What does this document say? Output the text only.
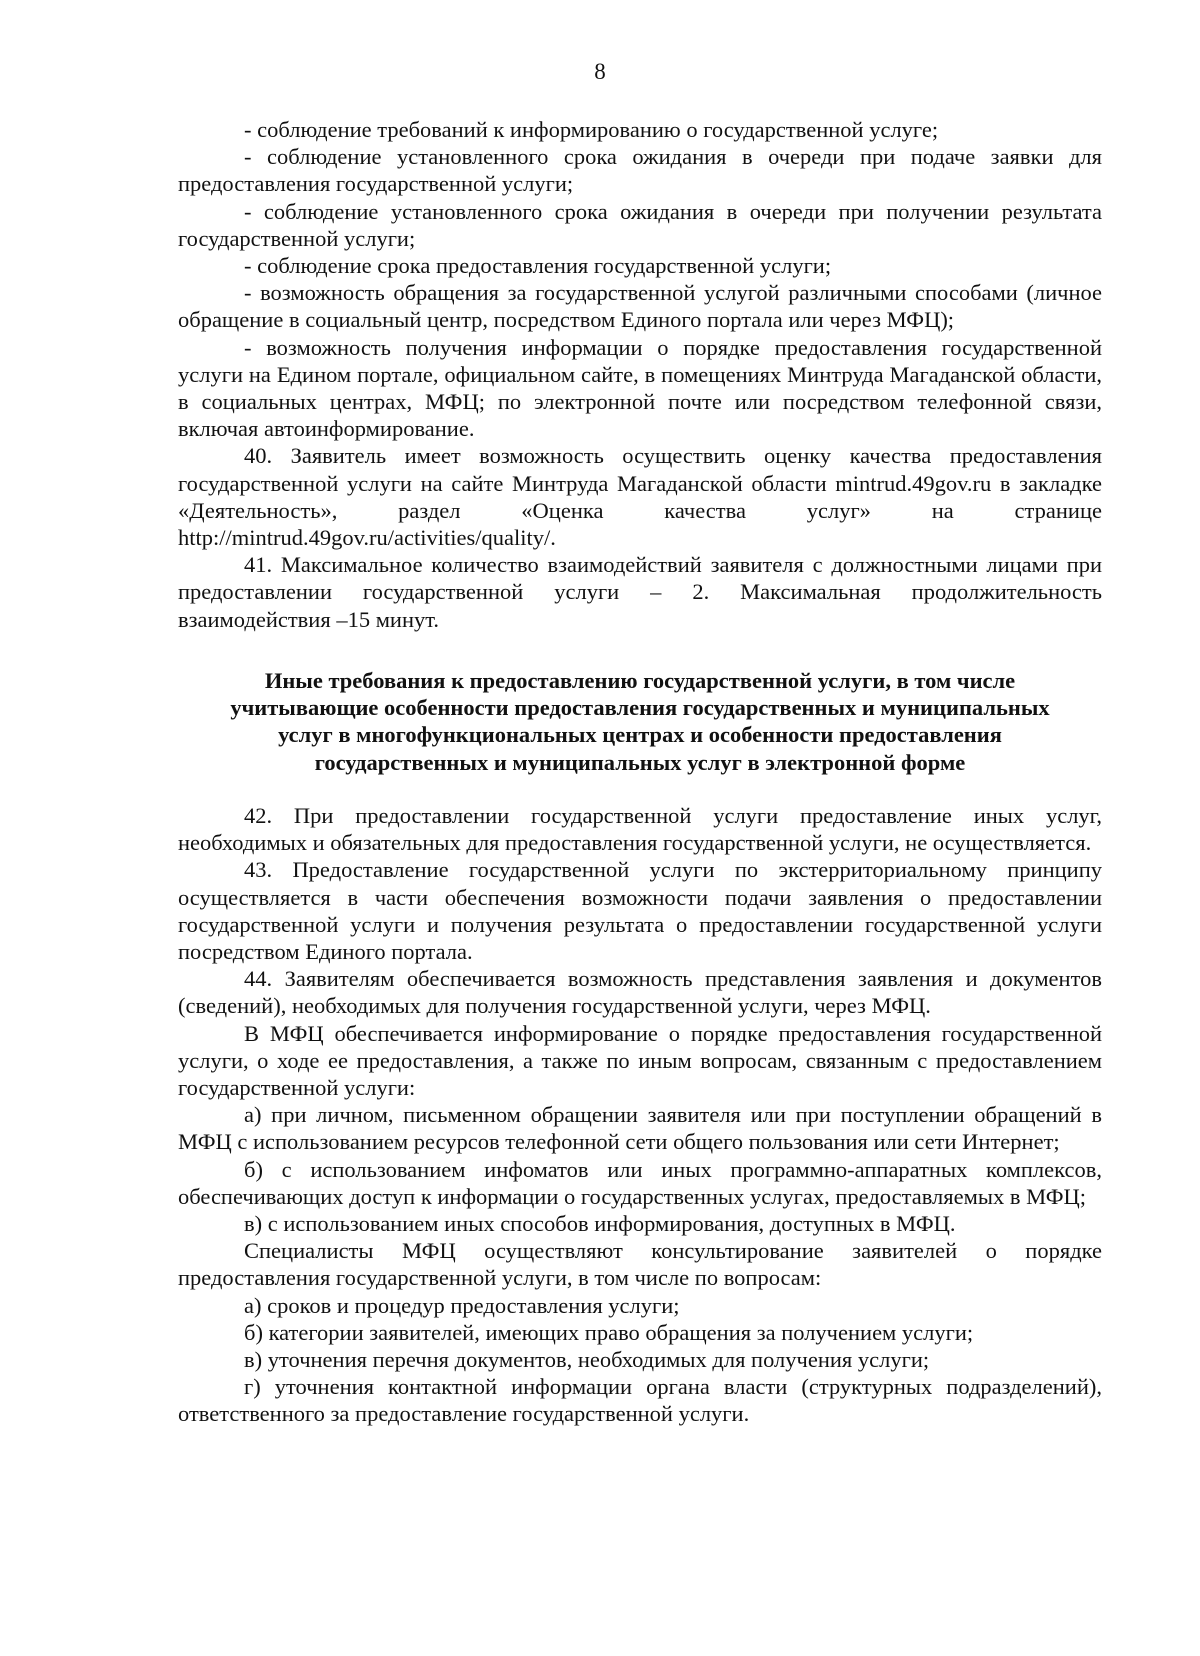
8

- соблюдение требований к информированию о государственной услуге;

- соблюдение установленного срока ожидания в очереди при подаче заявки для предоставления государственной услуги;

- соблюдение установленного срока ожидания в очереди при получении результата государственной услуги;

- соблюдение срока предоставления государственной услуги;

- возможность обращения за государственной услугой различными способами (личное обращение в социальный центр, посредством Единого портала или через МФЦ);

- возможность получения информации о порядке предоставления государственной услуги на Едином портале, официальном сайте, в помещениях Минтруда Магаданской области, в социальных центрах, МФЦ; по электронной почте или посредством телефонной связи, включая автоинформирование.

40. Заявитель имеет возможность осуществить оценку качества предоставления государственной услуги на сайте Минтруда Магаданской области mintrud.49gov.ru в закладке «Деятельность», раздел «Оценка качества услуг» на странице http://mintrud.49gov.ru/activities/quality/.

41. Максимальное количество взаимодействий заявителя с должностными лицами при предоставлении государственной услуги – 2. Максимальная продолжительность взаимодействия –15 минут.

Иные требования к предоставлению государственной услуги, в том числе
учитывающие особенности предоставления государственных и муниципальных
услуг в многофункциональных центрах и особенности предоставления
государственных и муниципальных услуг в электронной форме

42. При предоставлении государственной услуги предоставление иных услуг, необходимых и обязательных для предоставления государственной услуги, не осуществляется.

43. Предоставление государственной услуги по экстерриториальному принципу осуществляется в части обеспечения возможности подачи заявления о предоставлении государственной услуги и получения результата о предоставлении государственной услуги посредством Единого портала.

44. Заявителям обеспечивается возможность представления заявления и документов (сведений), необходимых для получения государственной услуги, через МФЦ.

В МФЦ обеспечивается информирование о порядке предоставления государственной услуги, о ходе ее предоставления, а также по иным вопросам, связанным с предоставлением государственной услуги:

а) при личном, письменном обращении заявителя или при поступлении обращений в МФЦ с использованием ресурсов телефонной сети общего пользования или сети Интернет;

б) с использованием инфоматов или иных программно-аппаратных комплексов, обеспечивающих доступ к информации о государственных услугах, предоставляемых в МФЦ;

в) с использованием иных способов информирования, доступных в МФЦ.

Специалисты МФЦ осуществляют консультирование заявителей о порядке предоставления государственной услуги, в том числе по вопросам:

а) сроков и процедур предоставления услуги;

б) категории заявителей, имеющих право обращения за получением услуги;

в) уточнения перечня документов, необходимых для получения услуги;

г) уточнения контактной информации органа власти (структурных подразделений), ответственного за предоставление государственной услуги.
